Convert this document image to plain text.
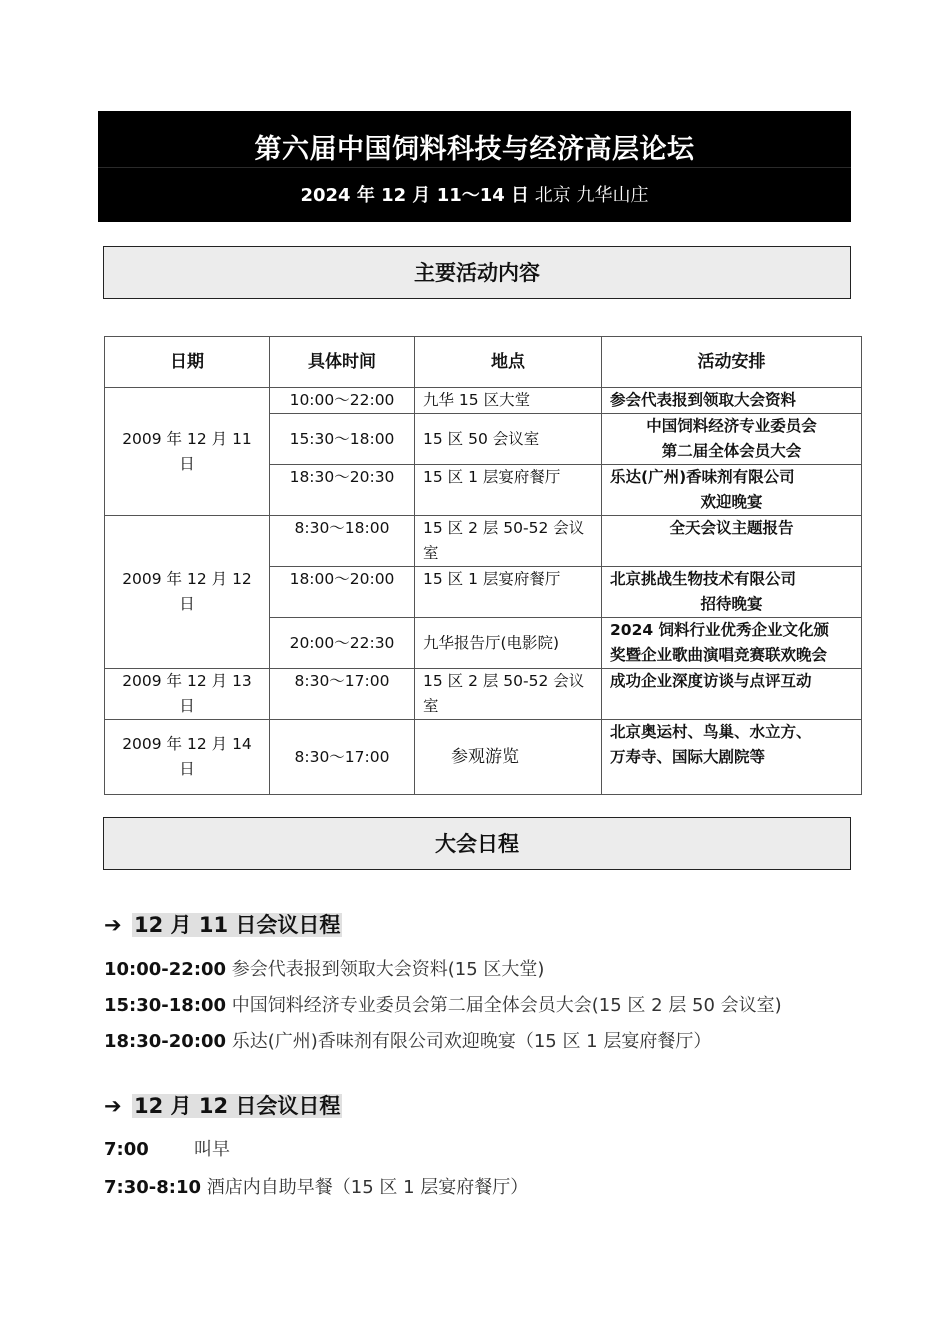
第六届中国饲料科技与经济高层论坛
2024 年 12 月 11～14 日 北京 九华山庄
主要活动内容
日期	具体时间	地点	活动安排
2009 年 12 月 11 日	10:00～22:00	九华 15 区大堂	参会代表报到领取大会资料
	15:30～18:00	15 区 50 会议室	中国饲料经济专业委员会
第二届全体会员大会

	18:30～20:30	15 区 1 层宴府餐厅	乐达(广州)香味剂有限公司
欢迎晚宴

2009 年 12 月 12 日	8:30～18:00	15 区 2 层 50-52 会议室	全天会议主题报告
	18:00～20:00	15 区 1 层宴府餐厅	北京挑战生物技术有限公司
招待晚宴

	20:00～22:30	九华报告厅(电影院)	2024 饲料行业优秀企业文化颁
奖暨企业歌曲演唱竞赛联欢晚会

2009 年 12 月 13 日	8:30～17:00	15 区 2 层 50-52 会议室	成功企业深度访谈与点评互动
2009 年 12 月 14 日	8:30～17:00	参观游览	北京奥运村、鸟巢、水立方、
万寿寺、国际大剧院等
大会日程
➔ 12 月 11 日会议日程
10:00-22:00 参会代表报到领取大会资料(15 区大堂)
15:30-18:00 中国饲料经济专业委员会第二届全体会员大会(15 区 2 层 50 会议室)
18:30-20:00 乐达(广州)香味剂有限公司欢迎晚宴（15 区 1 层宴府餐厅）
➔ 12 月 12 日会议日程
7:00	叫早
7:30-8:10 酒店内自助早餐（15 区 1 层宴府餐厅）
